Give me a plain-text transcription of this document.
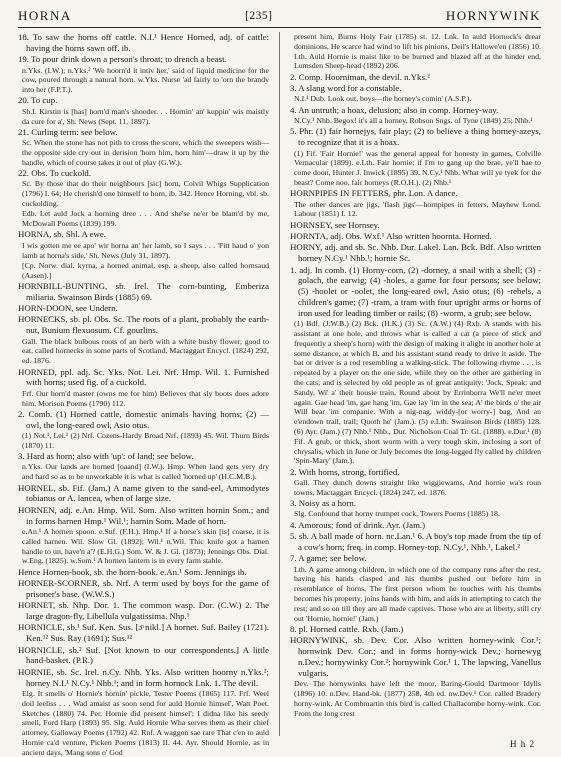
HORNA	[235]	HORNYWINK

18. To saw the horns off cattle. N.I.¹ Hence Horned, adj. of cattle: having the horns sawn off. ib.

19. To pour drink down a person's throat; to drench a beast.

n.Yks. (I.W.); n.Yks.² 'We hoorn'd it intiv her,' said of liquid medicine for the cow, poured through a natural horn. w.Yks. Nurse 'ad fairly to 'orn the brandy into her (F.P.T.).

20. To cup.

Sh.I. Kirstin is [has] horn'd man's shooder. . . Hornin' an' kuppin' wis maistly da cure for a', Sh. News (Sept. 11, 1897).

21. Curling term: see below.

Sc. When the stone has not pith to cross the score, which the sweepers wish—the opposite side cry out in derision 'horn him, horn him'—draw it up by the handle, which of course takes it out of play (G.W.).

22. Obs. To cuckold.

Sc. By those that do their neighbours [sic] horn, Colvil Whigs Supplication (1796) I. 64; He cherish'd one himself to horn, ib. 342. Hence Horning, vbl. sb. cuckolding.

Edb. Let auld Jock a horning dree . . . And she'se ne'er be blam'd by me, McDowall Poems (1839) 199.

HORNA, sb. Shl. A ewe.

I wis gotten me ee apo' wir horna an' her lamb, so I says . . . 'Fitt haud o' yon lamb at horna's side,' Sh. News (July 31, 1897).

[Cp. Norw. dial. kyrna, a horned animal, esp. a sheep, also called hornsaud (Aasen).]

HORNBILL-BUNTING, sb. Irel. The corn-bunting, Emberiza miliaria. Swainson Birds (1885) 69.

HORN-DOON, see Undern.

HORNECKS, sb. pl. Obs. Sc. The roots of a plant, probably the earth-nut, Bunium flexuosum. Cf. gourlins.

Gall. The black bulbous roots of an herb with a white bushy flower, good to eat, called hornecks in some parts of Scotland, Mactaggart Encycl. (1824) 292, ed. 1876.

HORNED, ppl. adj. Sc. Yks. Not. Lei. Nrf. Hmp. Wil. 1. Furnished with horns; used fig. of a cuckold.

Frf. Our horn'd master (owns me for him) Believes that sly boots does adore him, Morison Poems (1790) 112.

2. Comb. (1) Horned cattle, domestic animals having horns; (2) — owl, the long-eared owl, Asio otus.

(1) Not.¹, Lei.¹ (2) Nrf. Cozens-Hardy Broad Nrf. (1893) 45. Wil. Thurn Birds (1870) 11.

3. Hard as horn; also with 'up': of land; see below.

n.Yks. Our lands are horned [oaand] (I.W.). Hmp. When land gets very dry and hard so as to be unworkable it is what is called 'horned up' (H.C.M.B.).

HORNEL, sb. Fif. (Jam.) A name given to the sand-eel, Ammodytes tobianus or A. lancea, when of large size.

HORNEN, adj. e.An. Hmp. Wil. Som. Also written hornin Som.; and in forms harnen Hmp.¹ Wil.¹; harnin Som. Made of horn.

e.An.¹ A hornen spoon. e.Suf. (F.H.). Hmp.¹ If a horse's skin [is] coarse, it is called harnen. Wil. Slow Gl. (1892); Wil.¹ n.Wil. Thic knife got a harnen handle to un, have'n a'? (E.H.G.) Som. W. & J. Gl. (1873); Jennings Obs. Dial. w.Eng. (1825). w.Som.¹ A hornen lantern is in every farm stable.

Hence Hornen-book, sb. the horn-book. e.An.¹ Som. Jennings ib.

HORNER-SCORNER, sb. Nrf. A term used by boys for the game of prisoner's base. (W.W.S.)

HORNET, sb. Nhp. Dor. 1. The common wasp. Dor. (C.W.) 2. The large dragon-fly, Libellula vulgatissima. Nhp.¹

HORNICLE, sb.¹ Suf. Ken. Sus. [ɔ̄·nikl.] A hornet. Suf. Bailey (1721). Ken.¹² Sus. Ray (1691); Sus.¹²

HORNICLE, sb.² Suf. [Not known to our correspondents.] A little hand-basket. (P.R.)

HORNIE, sb. Sc. Irel. n.Cy. Nhb. Yks. Also written hoorny n.Yks.²; horney N.I.¹ N.Cy.¹ Nhb.¹; and in form hornock Lnk. 1. The devil.

Elg. It smells o' Hornie's hornin' pickle, Tester Poems (1865) 117. Frf. Weel doil leeliss . . . Wad amaist as soon send for auld Hornie himsel', Watt Poet. Sketches (1880) 74. Per. Hornie did present himsel'; I didna like his seedy smell, Ford Harp (1893) 95. Slg. Auld Hornie Wha serves them as their chief attorney, Galloway Poems (1792) 42. Rnf. A waggon sae rare That c'en to auld Hornie ca'd venture, Picken Poems (1813) II. 44. Ayr. Should Hornie, as in ancient days, 'Mang sons o' God

present him, Burns Holy Fair (1785) st. 12. Lnk. In auld Hornock's drear dominions, He scarce had wind to lift his pinions, Deil's Hallowe'en (1856) 10. Lth. Auld Hornie is maist like to be burned and blazed aff at the hinder end, Lumsden Sheep-head (1892) 206.

2. Comp. Hoorniman, the devil. n.Yks.²

3. A slang word for a constable.

N.I.¹ Dub. Look out, boys—the horney's comin' (A.S.P.).

4. An untruth; a hoax, delusion; also in comp. Horney-way.

N.Cy.¹ Nhb. Begox! it's all a horney, Robson Sngs. of Tyne (1849) 25; Nhb.¹

5. Phr. (1) fair hornejys, fair play; (2) to believe a thing horney-azeys, to recognize that it is a hoax.

(1) Fif. 'Fair Hornie!' was the general appeal for honesty in games, Colville Vernacular (1899). e.Lth. Fair hornie; if I'm to gang up the brae, ye'll hae to come doon, Hunter J. Inwick (1895) 39. N.Cy.¹ Nhb. What will ye tyek for the beast? Come noo, fair horneys (R.O.H.). (2) Nhb.¹

HORNPIPES IN FETTERS, phr. Lon. A dance.

The other dances are jigs, 'flash jigs'—hornpipes in fetters, Mayhew Lond. Labour (1851) I. 12.

HORNSEY, see Hornsey.

HORNTA, adj. Obs. Wxf.¹ Also written hoornta. Horned.

HORNY, adj. and sb. Sc. Nhb. Dur. Lakel. Lan. Bck. Bdf. Also written horney N.Cy.¹ Nhb.¹; hornie Sc.

1. adj. In comb. (1) Horny-corn, (2) -dorney, a snail with a shell; (3) -golach, the earwig; (4) -holes, a game for four persons; see below; (5) -hoolet or -oolet, the long-eared owl, Asio otus; (6) -rebels, a children's game; (7) -tram, a tram with four upright arms or horns of iron used for leading timber or rails; (8) -worm, a grub; see below.

(1) Bdf. (J.W.B.) (2) Bck. (H.K.) (3) Sc. (A.W.) (4) Rxb. A stands with his assistant at one hole, and throws what is called a cat (a piece of stick and frequently a sheep's horn) with the design of making it alight in another hole at some distance, at which B. and his assistant stand ready to drive it aside. The bat or driver is a rod resembling a walking-stick. The following rhyme . . . is repeated by a player on the one side, while they on the other are gathering in the cats; and is selected by old people as of great antiquity: 'Jock, Speak: and Sandy, Wi' a' their housie train, Round about by Errinborra We'll ne'er meet again. Gae head 'im, gae hang 'im, Gae lay 'im in the sea; A' the birds o' the air Will bear 'im companie. With a nig-nag, widdy-[or worry-] bag, And an e'endown trail, trail; Quoth he' (Jam.). (5) e.Lth. Swainson Birds (1885) 128. (6) Ayr. (Jam.) (7) Nhb.¹ Nhb., Dur. Nicholson Coal Tr. Gl. (1888). e.Dur.¹ (8) Fif. A grub, or thick, short worm with a very tough skin, inclosing a sort of chrysalis, which in June or July becomes the long-legged fly called by children 'Spin-Mary' (Jam.).

2. With horns, strong, fortified.

Gall. They dunch downs straight like wiggiewams, And hornie wa's roun towns, Mactaggart Encycl. (1824) 247, ed. 1876.

3. Noisy as a horn.

Slg. Confound that horny trumpet cock, Towers Poems (1885) 18.

4. Amorous; fond of drink. Ayr. (Jam.)

5. sb. A ball made of horn. nc.Lan.¹ 6. A boy's top made from the tip of a cow's horn; freq. in comp. Horney-top. N.Cy.¹, Nhb.¹, Lakel.²

7. A game; see below.

Lth. A game among children, in which one of the company runs after the rest, having his hands clasped and his thumbs pushed out before him in resemblance of horns. The first person whom he touches with his thumbs becomes his property, joins hands with him, and aids in attempting to catch the rest; and so on till they are all made captives. Those who are at liberty, still cry out 'Hornie, hornie!' (Jam.)

8. pl. Horned cattle. Rxb. (Jam.)

HORNYWINK, sb. Dev. Cor. Also written horney-wink Cor.¹; hornwink Dev. Cor.; and in forms horny-wick Dev.; hornewyg n.Dev.; hornywinky Cor.²; hornywink Cor.¹ 1. The lapwing, Vanellus vulgaris.

Dev. The hornywinks have left the moor, Baring-Gould Dartmoor Idylls (1896) 10. n.Dev. Hand-bk. (1877) 258, 4th ed. nw.Dev.¹ Cor. called Bradery horny-wink. At Combmartin this bird is called Challacombe horny-wink. Cor. From the long crest

H h 2
